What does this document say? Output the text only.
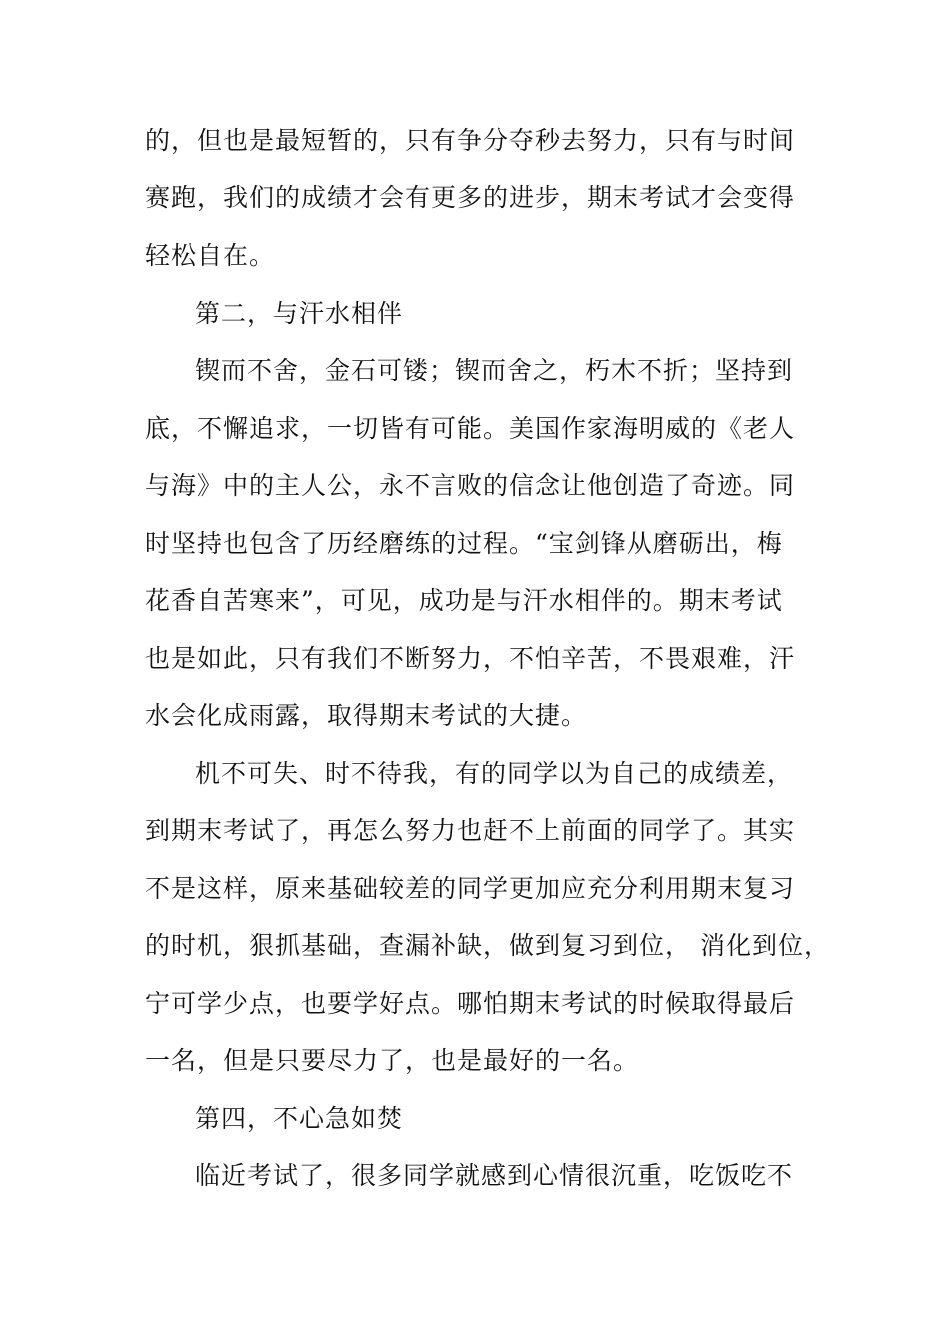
的，但也是最短暂的，只有争分夺秒去努力，只有与时间
赛跑，我们的成绩才会有更多的进步，期末考试才会变得
轻松自在。
第二，与汗水相伴
锲而不舍，金石可镂；锲而舍之，朽木不折；坚持到
底，不懈追求，一切皆有可能。美国作家海明威的《老人
与海》中的主人公，永不言败的信念让他创造了奇迹。同
时坚持也包含了历经磨练的过程。“宝剑锋从磨砺出，梅
花香自苦寒来”，可见，成功是与汗水相伴的。期末考试
也是如此，只有我们不断努力，不怕辛苦，不畏艰难，汗
水会化成雨露，取得期末考试的大捷。
机不可失、时不待我，有的同学以为自己的成绩差，
到期末考试了，再怎么努力也赶不上前面的同学了。其实
不是这样，原来基础较差的同学更加应充分利用期末复习
的时机，狠抓基础，查漏补缺，做到复习到位， 消化到位，
宁可学少点，也要学好点。哪怕期末考试的时候取得最后
一名，但是只要尽力了，也是最好的一名。
第四，不心急如焚
临近考试了，很多同学就感到心情很沉重，吃饭吃不
